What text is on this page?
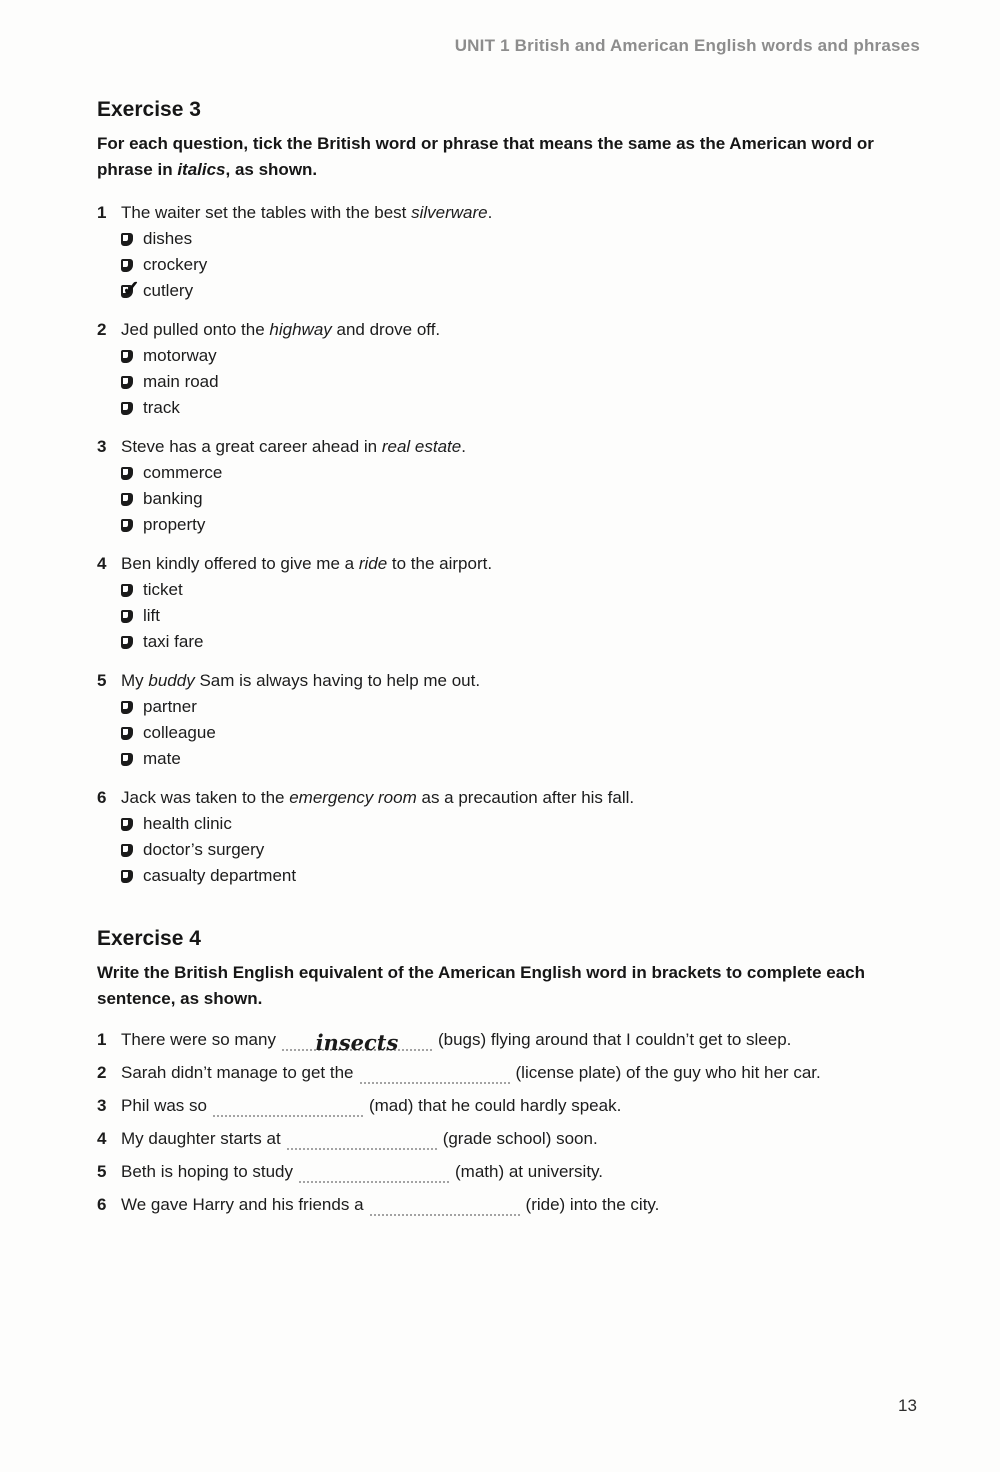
UNIT 1 British and American English words and phrases
Exercise 3

For each question, tick the British word or phrase that means the same as the American word or phrase in italics, as shown.

1 The waiter set the tables with the best silverware.
dishes
crockery
✓
cutlery
2 Jed pulled onto the highway and drove off.
motorway
main road
track
3 Steve has a great career ahead in real estate.
commerce
banking
property
4 Ben kindly offered to give me a ride to the airport.
ticket
lift
taxi fare
5 My buddy Sam is always having to help me out.
partner
colleague
mate
6 Jack was taken to the emergency room as a precaution after his fall.
health clinic
doctor’s surgery
casualty department
Exercise 4

Write the British English equivalent of the American English word in brackets to complete each sentence, as shown.

1 There were so many	insects	(bugs) flying around that I couldn’t get to sleep.
2 Sarah didn’t manage to get the	(license plate) of the guy who hit her car.
3 Phil was so	(mad) that he could hardly speak.
4 My daughter starts at	(grade school) soon.
5 Beth is hoping to study	(math) at university.
6 We gave Harry and his friends a	(ride) into the city.
13
